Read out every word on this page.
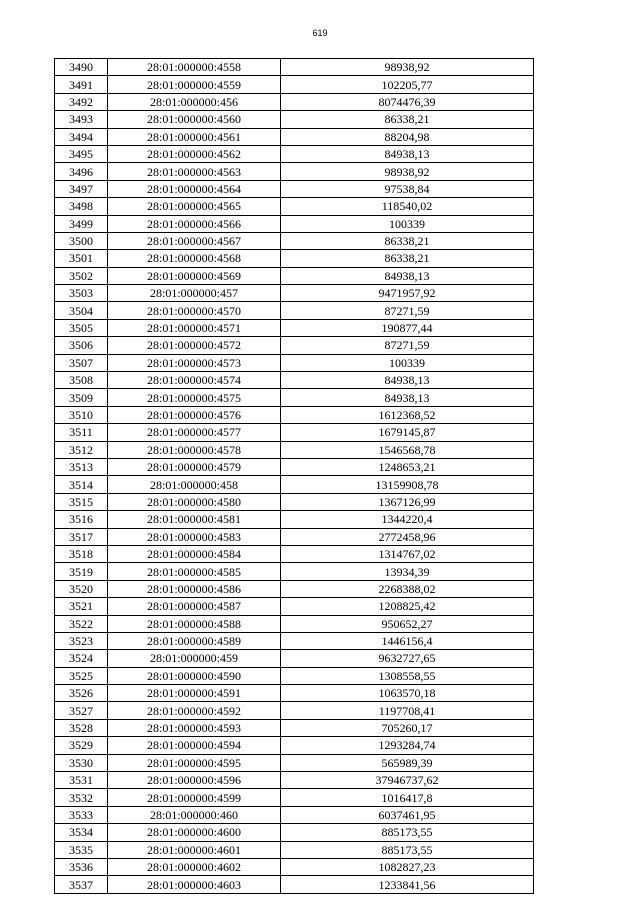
619
3490	28:01:000000:4558	98938,92
3491	28:01:000000:4559	102205,77
3492	28:01:000000:456	8074476,39
3493	28:01:000000:4560	86338,21
3494	28:01:000000:4561	88204,98
3495	28:01:000000:4562	84938,13
3496	28:01:000000:4563	98938,92
3497	28:01:000000:4564	97538,84
3498	28:01:000000:4565	118540,02
3499	28:01:000000:4566	100339
3500	28:01:000000:4567	86338,21
3501	28:01:000000:4568	86338,21
3502	28:01:000000:4569	84938,13
3503	28:01:000000:457	9471957,92
3504	28:01:000000:4570	87271,59
3505	28:01:000000:4571	190877,44
3506	28:01:000000:4572	87271,59
3507	28:01:000000:4573	100339
3508	28:01:000000:4574	84938,13
3509	28:01:000000:4575	84938,13
3510	28:01:000000:4576	1612368,52
3511	28:01:000000:4577	1679145,87
3512	28:01:000000:4578	1546568,78
3513	28:01:000000:4579	1248653,21
3514	28:01:000000:458	13159908,78
3515	28:01:000000:4580	1367126,99
3516	28:01:000000:4581	1344220,4
3517	28:01:000000:4583	2772458,96
3518	28:01:000000:4584	1314767,02
3519	28:01:000000:4585	13934,39
3520	28:01:000000:4586	2268388,02
3521	28:01:000000:4587	1208825,42
3522	28:01:000000:4588	950652,27
3523	28:01:000000:4589	1446156,4
3524	28:01:000000:459	9632727,65
3525	28:01:000000:4590	1308558,55
3526	28:01:000000:4591	1063570,18
3527	28:01:000000:4592	1197708,41
3528	28:01:000000:4593	705260,17
3529	28:01:000000:4594	1293284,74
3530	28:01:000000:4595	565989,39
3531	28:01:000000:4596	37946737,62
3532	28:01:000000:4599	1016417,8
3533	28:01:000000:460	6037461,95
3534	28:01:000000:4600	885173,55
3535	28:01:000000:4601	885173,55
3536	28:01:000000:4602	1082827,23
3537	28:01:000000:4603	1233841,56
